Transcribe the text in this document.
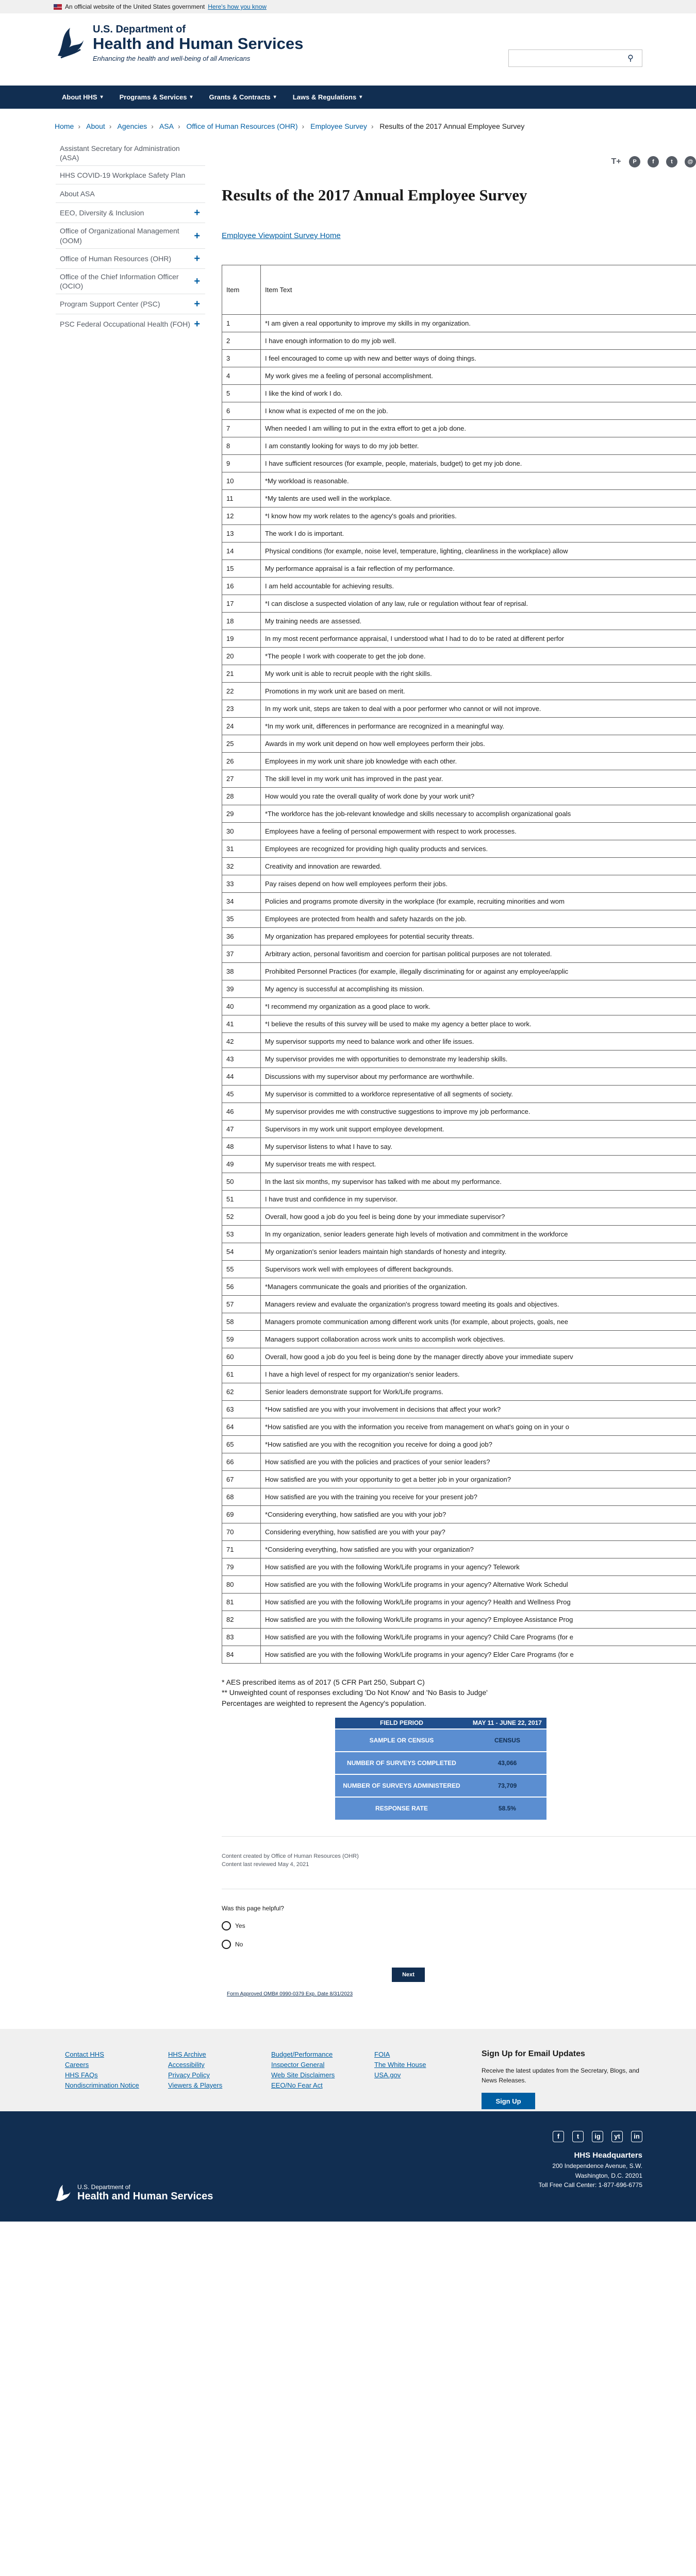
An official website of the United States government Here's how you know
U.S. Department of
Health and Human Services
Enhancing the health and well-being of all Americans	⚲
About HHS ▾ Programs & Services ▾ Grants & Contracts ▾ Laws & Regulations ▾
Home › About › Agencies › ASA › Office of Human Resources (OHR) › Employee Survey › Results of the 2017 Annual Employee Survey
Assistant Secretary for Administration (ASA)
HHS COVID-19 Workplace Safety Plan
About ASA
EEO, Diversity & Inclusion	+
Office of Organizational Management (OOM)	+
Office of Human Resources (OHR) +
Office of the Chief Information Officer (OCIO)	+
Program Support Center (PSC)	+
PSC Federal Occupational Health (FOH) +
T+	P	f	t	@
Results of the 2017 Annual Employee Survey
Employee Viewpoint Survey Home
Item	Item Text
1	*I am given a real opportunity to improve my skills in my organization.
2	I have enough information to do my job well.
3	I feel encouraged to come up with new and better ways of doing things.
4	My work gives me a feeling of personal accomplishment.
5	I like the kind of work I do.
6	I know what is expected of me on the job.
7	When needed I am willing to put in the extra effort to get a job done.
8	I am constantly looking for ways to do my job better.
9	I have sufficient resources (for example, people, materials, budget) to get my job done.
10	*My workload is reasonable.
11	*My talents are used well in the workplace.
12	*I know how my work relates to the agency's goals and priorities.
13	The work I do is important.
14	Physical conditions (for example, noise level, temperature, lighting, cleanliness in the workplace) allow
15	My performance appraisal is a fair reflection of my performance.
16	I am held accountable for achieving results.
17	*I can disclose a suspected violation of any law, rule or regulation without fear of reprisal.
18	My training needs are assessed.
19	In my most recent performance appraisal, I understood what I had to do to be rated at different perfor
20	*The people I work with cooperate to get the job done.
21	My work unit is able to recruit people with the right skills.
22	Promotions in my work unit are based on merit.
23	In my work unit, steps are taken to deal with a poor performer who cannot or will not improve.
24	*In my work unit, differences in performance are recognized in a meaningful way.
25	Awards in my work unit depend on how well employees perform their jobs.
26	Employees in my work unit share job knowledge with each other.
27	The skill level in my work unit has improved in the past year.
28	How would you rate the overall quality of work done by your work unit?
29	*The workforce has the job-relevant knowledge and skills necessary to accomplish organizational goals
30	Employees have a feeling of personal empowerment with respect to work processes.
31	Employees are recognized for providing high quality products and services.
32	Creativity and innovation are rewarded.
33	Pay raises depend on how well employees perform their jobs.
34	Policies and programs promote diversity in the workplace (for example, recruiting minorities and wom
35	Employees are protected from health and safety hazards on the job.
36	My organization has prepared employees for potential security threats.
37	Arbitrary action, personal favoritism and coercion for partisan political purposes are not tolerated.
38	Prohibited Personnel Practices (for example, illegally discriminating for or against any employee/applic
39	My agency is successful at accomplishing its mission.
40	*I recommend my organization as a good place to work.
41	*I believe the results of this survey will be used to make my agency a better place to work.
42	My supervisor supports my need to balance work and other life issues.
43	My supervisor provides me with opportunities to demonstrate my leadership skills.
44	Discussions with my supervisor about my performance are worthwhile.
45	My supervisor is committed to a workforce representative of all segments of society.
46	My supervisor provides me with constructive suggestions to improve my job performance.
47	Supervisors in my work unit support employee development.
48	My supervisor listens to what I have to say.
49	My supervisor treats me with respect.
50	In the last six months, my supervisor has talked with me about my performance.
51	I have trust and confidence in my supervisor.
52	Overall, how good a job do you feel is being done by your immediate supervisor?
53	In my organization, senior leaders generate high levels of motivation and commitment in the workforce
54	My organization's senior leaders maintain high standards of honesty and integrity.
55	Supervisors work well with employees of different backgrounds.
56	*Managers communicate the goals and priorities of the organization.
57	Managers review and evaluate the organization's progress toward meeting its goals and objectives.
58	Managers promote communication among different work units (for example, about projects, goals, nee
59	Managers support collaboration across work units to accomplish work objectives.
60	Overall, how good a job do you feel is being done by the manager directly above your immediate superv
61	I have a high level of respect for my organization's senior leaders.
62	Senior leaders demonstrate support for Work/Life programs.
63	*How satisfied are you with your involvement in decisions that affect your work?
64	*How satisfied are you with the information you receive from management on what's going on in your o
65	*How satisfied are you with the recognition you receive for doing a good job?
66	How satisfied are you with the policies and practices of your senior leaders?
67	How satisfied are you with your opportunity to get a better job in your organization?
68	How satisfied are you with the training you receive for your present job?
69	*Considering everything, how satisfied are you with your job?
70	Considering everything, how satisfied are you with your pay?
71	*Considering everything, how satisfied are you with your organization?
79	How satisfied are you with the following Work/Life programs in your agency? Telework
80	How satisfied are you with the following Work/Life programs in your agency? Alternative Work Schedul
81	How satisfied are you with the following Work/Life programs in your agency? Health and Wellness Prog
82	How satisfied are you with the following Work/Life programs in your agency? Employee Assistance Prog
83	How satisfied are you with the following Work/Life programs in your agency? Child Care Programs (for e
84	How satisfied are you with the following Work/Life programs in your agency? Elder Care Programs (for e
* AES prescribed items as of 2017 (5 CFR Part 250, Subpart C)
** Unweighted count of responses excluding 'Do Not Know' and 'No Basis to Judge'
Percentages are weighted to represent the Agency's population.
FIELD PERIOD	MAY 11 - JUNE 22, 2017
SAMPLE OR CENSUS	CENSUS
NUMBER OF SURVEYS COMPLETED	43,066
NUMBER OF SURVEYS ADMINISTERED	73,709
RESPONSE RATE	58.5%
Content created by Office of Human Resources (OHR)
Content last reviewed May 4, 2021
Was this page helpful?
Yes
No
Next
Form Approved OMB# 0990-0379 Exp. Date 8/31/2023
Contact HHS
Careers
HHS FAQs
Nondiscrimination Notice
HHS Archive
Accessibility
Privacy Policy
Viewers & Players
Budget/Performance
Inspector General
Web Site Disclaimers
EEO/No Fear Act
FOIA
The White House
USA.gov
Sign Up for Email Updates

Receive the latest updates from the Secretary, Blogs, and News Releases.

Sign Up
U.S. Department of
Health and Human Services
f	t	ig	yt	in
HHS Headquarters
200 Independence Avenue, S.W.
Washington, D.C. 20201
Toll Free Call Center: 1-877-696-6775
